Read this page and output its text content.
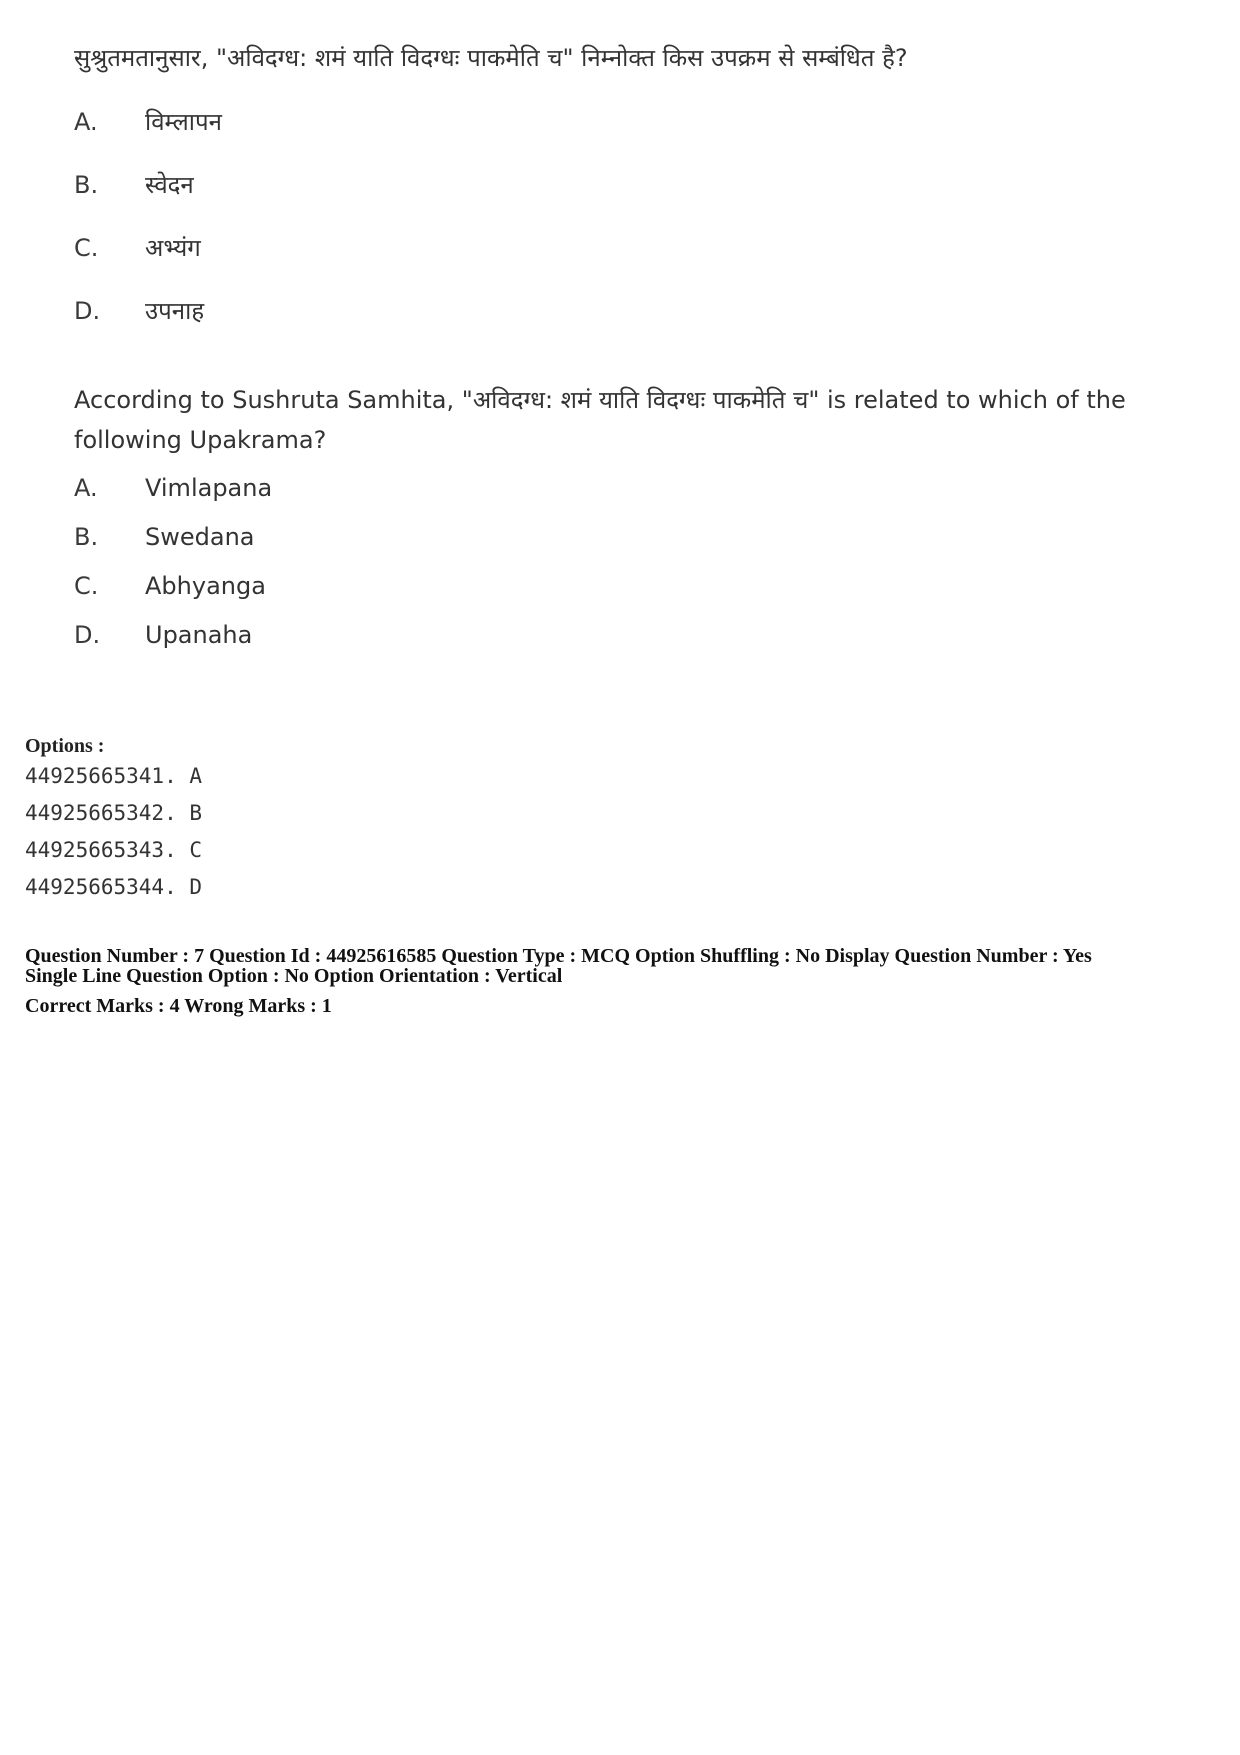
सुश्रुतमतानुसार, "अविदग्ध: शमं याति विदग्धः पाकमेति च" निम्नोक्त किस उपक्रम से सम्बंधित है?

A.	विम्लापन
B.	स्वेदन
C.	अभ्यंग
D.	उपनाह

According to Sushruta Samhita, "अविदग्ध: शमं याति विदग्धः पाकमेति च" is related to which of the following Upakrama?

A.	Vimlapana
B.	Swedana
C.	Abhyanga
D.	Upanaha
Options :
44925665341. A
44925665342. B
44925665343. C
44925665344. D
Question Number : 7 Question Id : 44925616585 Question Type : MCQ Option Shuffling : No Display Question Number : Yes
Single Line Question Option : No Option Orientation : Vertical
Correct Marks : 4 Wrong Marks : 1
